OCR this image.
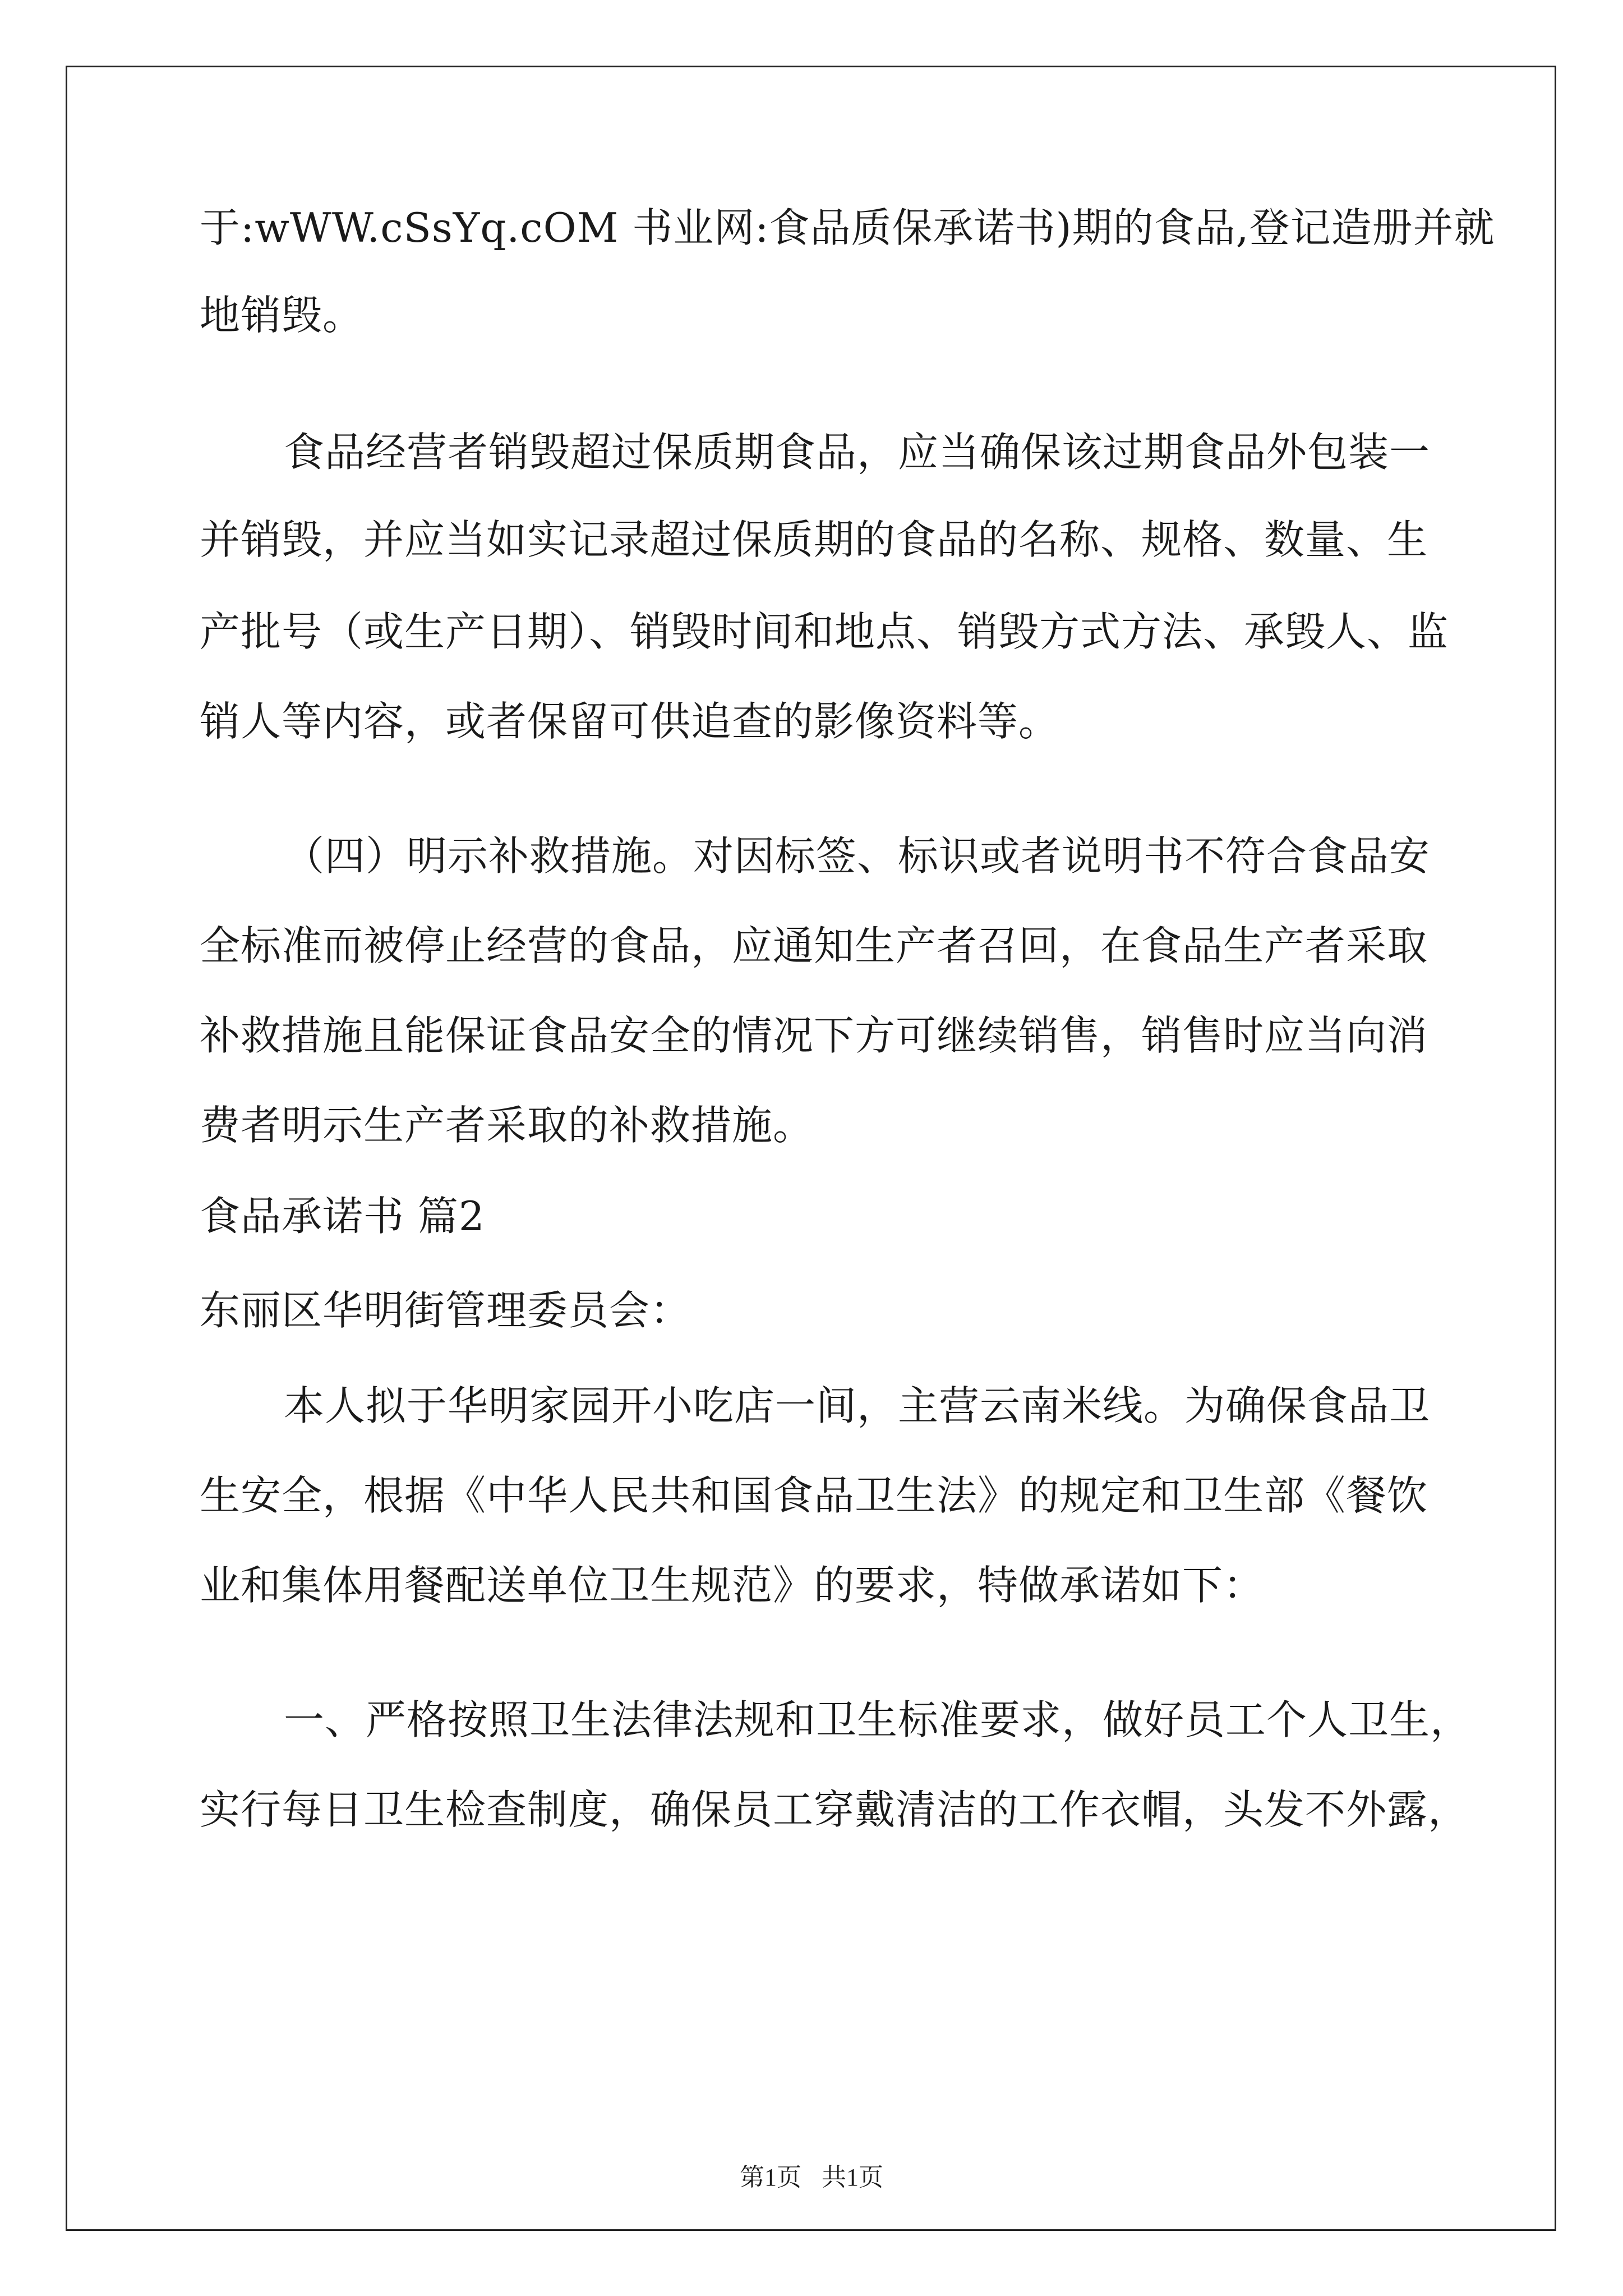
于:wWW.cSsYq.cOM 书业网:食品质保承诺书)期的食品,登记造册并就
地销毁。
食品经营者销毁超过保质期食品，应当确保该过期食品外包装一
并销毁，并应当如实记录超过保质期的食品的名称、规格、数量、生
产批号（或生产日期）、销毁时间和地点、销毁方式方法、承毁人、监
销人等内容，或者保留可供追查的影像资料等。
（四）明示补救措施。对因标签、标识或者说明书不符合食品安
全标准而被停止经营的食品，应通知生产者召回，在食品生产者采取
补救措施且能保证食品安全的情况下方可继续销售，销售时应当向消
费者明示生产者采取的补救措施。
食品承诺书 篇2
东丽区华明街管理委员会：
本人拟于华明家园开小吃店一间，主营云南米线。为确保食品卫
生安全，根据《中华人民共和国食品卫生法》的规定和卫生部《餐饮
业和集体用餐配送单位卫生规范》的要求，特做承诺如下：
一、严格按照卫生法律法规和卫生标准要求，做好员工个人卫生，
实行每日卫生检查制度，确保员工穿戴清洁的工作衣帽，头发不外露，
第1页 共1页
